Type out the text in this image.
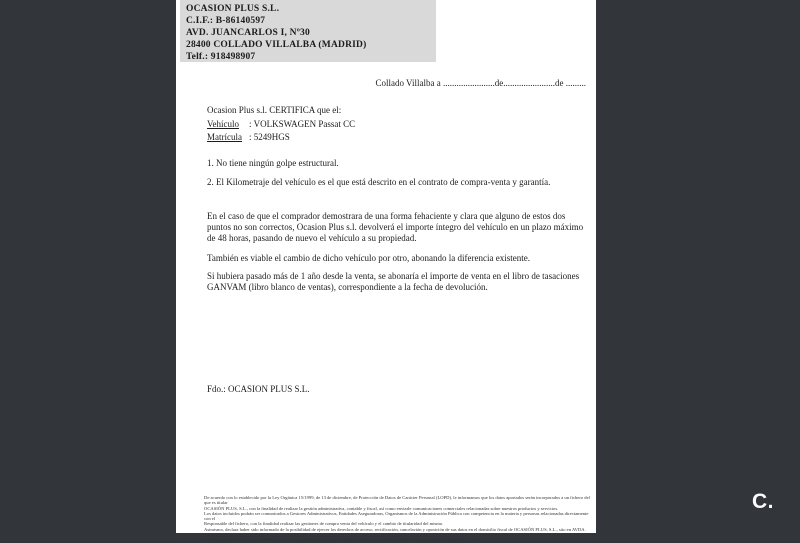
OCASION PLUS S.L.
C.I.F.: B-86140597
AVD. JUANCARLOS I, Nº30
28400 COLLADO VILLALBA (MADRID)
Telf.: 918498907
Collado Villalba a .......................de.......................de .........
Ocasion Plus s.l. CERTIFICA que el:
Vehículo : VOLKSWAGEN Passat CC
Matrícula : 5249HGS
1. No tiene ningún golpe estructural.
2. El Kilometraje del vehículo es el que está descrito en el contrato de compra-venta y garantía.
En el caso de que el comprador demostrara de una forma fehaciente y clara que alguno de estos dos puntos no son correctos, Ocasion Plus s.l. devolverá el importe íntegro del vehículo en un plazo máximo de 48 horas, pasando de nuevo el vehículo a su propiedad.
También es viable el cambio de dicho vehículo por otro, abonando la diferencia existente.
Si hubiera pasado más de 1 año desde la venta, se abonaría el importe de venta en el libro de tasaciones GANVAM (libro blanco de ventas), correspondiente a la fecha de devolución.
Fdo.: OCASION PLUS S.L.
De acuerdo con lo establecido por la Ley Orgánica 15/1999, de 13 de diciembre, de Protección de Datos de Carácter Personal (LOPD), le informamos que los datos aportados serán incorporados a un fichero del que es titular
OCASIÓN PLUS, S.L., con la finalidad de realizar la gestión administrativa, contable y fiscal, así como enviarle comunicaciones comerciales relacionadas sobre nuestros productos y servicios.
Los datos incluidos podrán ser comunicados a Gestores Administrativos, Entidades Aseguradoras, Organismos de la Administración Pública con competencia en la materia y personas relacionadas directamente con el
Responsable del fichero, con la finalidad realizar las gestiones de compra venta del vehículo y el cambio de titularidad del mismo.
Asimismo, declara haber sido informado de la posibilidad de ejercer los derechos de acceso, rectificación, cancelación y oposición de sus datos en el domicilio fiscal de OCASIÓN PLUS, S.L., sito en AVDA. JUAN
CARLOS I, 30 - 28400 COLLADO VILLALBA - MADRID. Inscrita en el Registro Mercantil de Madrid Tomo 150, Inscripción 1, Hoja M 511731
C.
